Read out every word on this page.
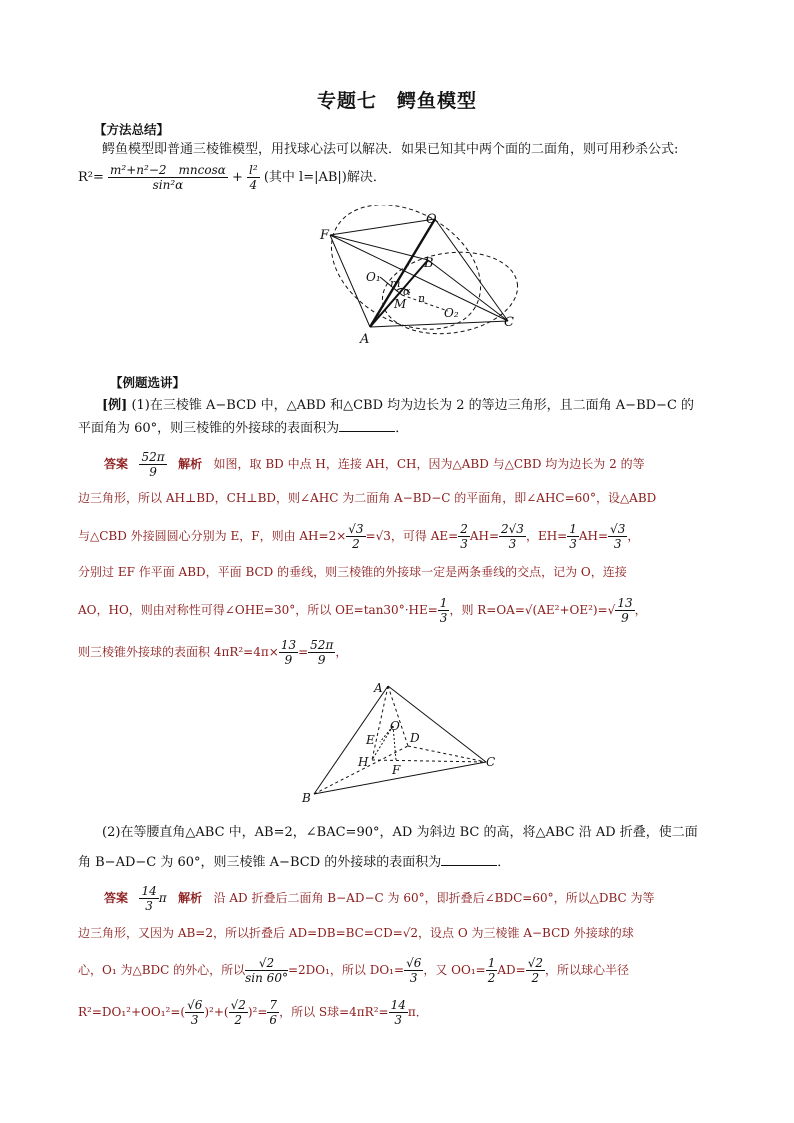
专题七　鳄鱼模型
【方法总结】
鳄鱼模型即普通三棱锥模型，用找球心法可以解决．如果已知其中两个面的二面角，则可用秒杀公式:
$R^2= \frac{\text{m²+n²−2　mncosα}}{\text{sin²α}} + \frac{\text{l²}}{4}$ (其中 l=|AB|)解决．
O
F
B
O₁ m
α
M n
O₂
C
A
【例题选讲】
[例] (1)在三棱锥 A−BCD 中，△ABD 和△CBD 均为边长为 2 的等边三角形，且二面角 A−BD−C 的
平面角为 60°，则三棱锥的外接球的表面积为	．
答案 $\frac{52\pi}{9}$ 解析 如图，取 BD 中点 H，连接 AH，CH，因为△ABD 与△CBD 均为边长为 2 的等
边三角形，所以 AH⊥BD，CH⊥BD，则∠AHC 为二面角 A−BD−C 的平面角，即∠AHC=60°，设△ABD
与△CBD 外接圆圆心分别为 E，F，则由 $AH=2\times \frac{√3}{2} =√3$，可得 $AE= \frac{2}{3} AH= \frac{2√3}{3}$ ，$EH= \frac{1}{3} AH= \frac{√3}{3}$ ，
分别过 EF 作平面 ABD，平面 BCD 的垂线，则三棱锥的外接球一定是两条垂线的交点，记为 O，连接
AO，HO，则由对称性可得∠OHE=30°，所以 $OE=\tan 30^\circ\cdot HE= \frac{1}{3}$ ，则 $R=OA=√(AE^2+OE^2)=√ \frac{13}{9}$ ，
则三棱锥外接球的表面积 $4\pi R^2=4\pi\times \frac{13}{9} = \frac{52\pi}{9}$ ，
A
O
E	D
H
F
C
B
(2)在等腰直角△ABC 中，AB=2，∠BAC=90°，AD 为斜边 BC 的高，将△ABC 沿 AD 折叠，使二面
角 B−AD−C 为 60°，则三棱锥 A−BCD 的外接球的表面积为	．
答案 $\frac{14}{3}$ π 解析 沿 AD 折叠后二面角 B−AD−C 为 60°，即折叠后∠BDC=60°，所以△DBC 为等
边三角形，又因为 AB=2，所以折叠后 AD=DB=BC=CD=√2，设点 O 为三棱锥 A−BCD 外接球的球
心，O₁ 为△BDC 的外心，所以 $\frac{√2}{\sin 60^\circ} =2DO_1$，所以 $DO_1= \frac{√6}{3}$ ，又 $OO_1= \frac{1}{2} AD= \frac{√2}{2}$ ，所以球心半径
$R^2=DO_1^2+OO_1^2=( \frac{√6}{3} )^2+( \frac{√2}{2} )^2= \frac{7}{6}$ ，所以 S球$=4\pi R^2= \frac{14}{3}$ π．
